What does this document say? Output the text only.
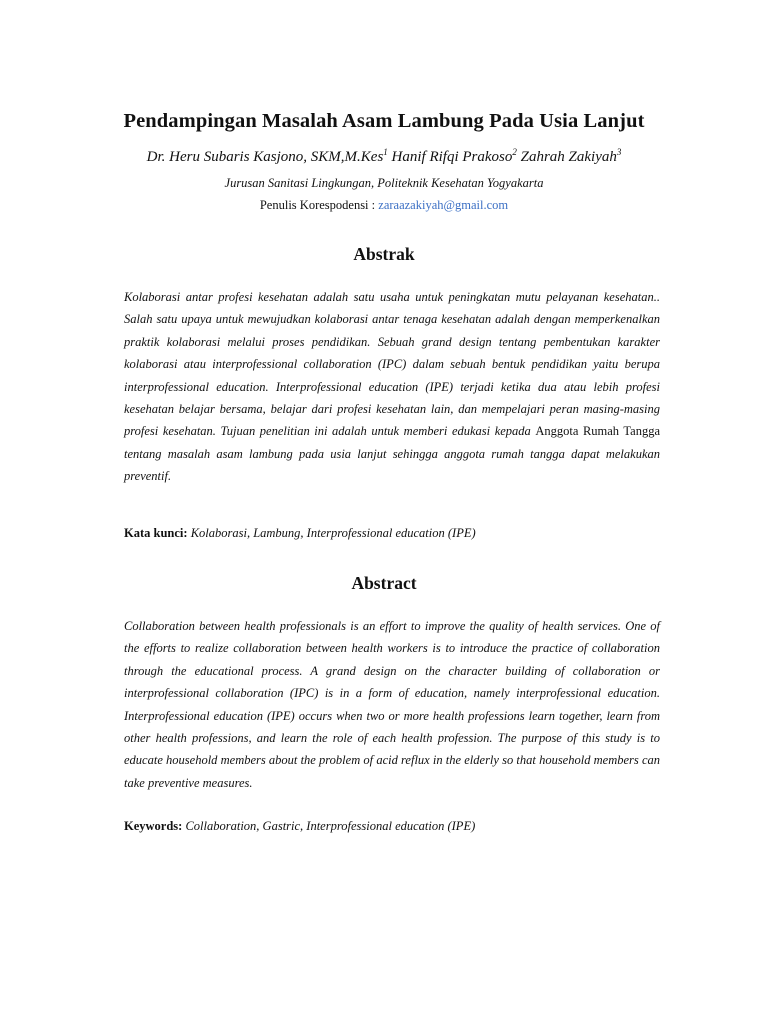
Pendampingan Masalah Asam Lambung Pada Usia Lanjut

Dr. Heru Subaris Kasjono, SKM,M.Kes$^1$ Hanif Rifqi Prakoso$^2$ Zahrah Zakiyah$^3$

Jurusan Sanitasi Lingkungan, Politeknik Kesehatan Yogyakarta

Penulis Korespodensi : zaraazakiyah@gmail.com

Abstrak

Kolaborasi antar profesi kesehatan adalah satu usaha untuk peningkatan mutu pelayanan kesehatan.. Salah satu upaya untuk mewujudkan kolaborasi antar tenaga kesehatan adalah dengan memperkenalkan praktik kolaborasi melalui proses pendidikan. Sebuah grand design tentang pembentukan karakter kolaborasi atau interprofessional collaboration (IPC) dalam sebuah bentuk pendidikan yaitu berupa interprofessional education. Interprofessional education (IPE) terjadi ketika dua atau lebih profesi kesehatan belajar bersama, belajar dari profesi kesehatan lain, dan mempelajari peran masing-masing profesi kesehatan. Tujuan penelitian ini adalah untuk memberi edukasi kepada Anggota Rumah Tangga tentang masalah asam lambung pada usia lanjut sehingga anggota rumah tangga dapat melakukan preventif.

Kata kunci: Kolaborasi, Lambung, Interprofessional education (IPE)

Abstract

Collaboration between health professionals is an effort to improve the quality of health services. One of the efforts to realize collaboration between health workers is to introduce the practice of collaboration through the educational process. A grand design on the character building of collaboration or interprofessional collaboration (IPC) is in a form of education, namely interprofessional education. Interprofessional education (IPE) occurs when two or more health professions learn together, learn from other health professions, and learn the role of each health profession. The purpose of this study is to educate household members about the problem of acid reflux in the elderly so that household members can take preventive measures.

Keywords: Collaboration, Gastric, Interprofessional education (IPE)
